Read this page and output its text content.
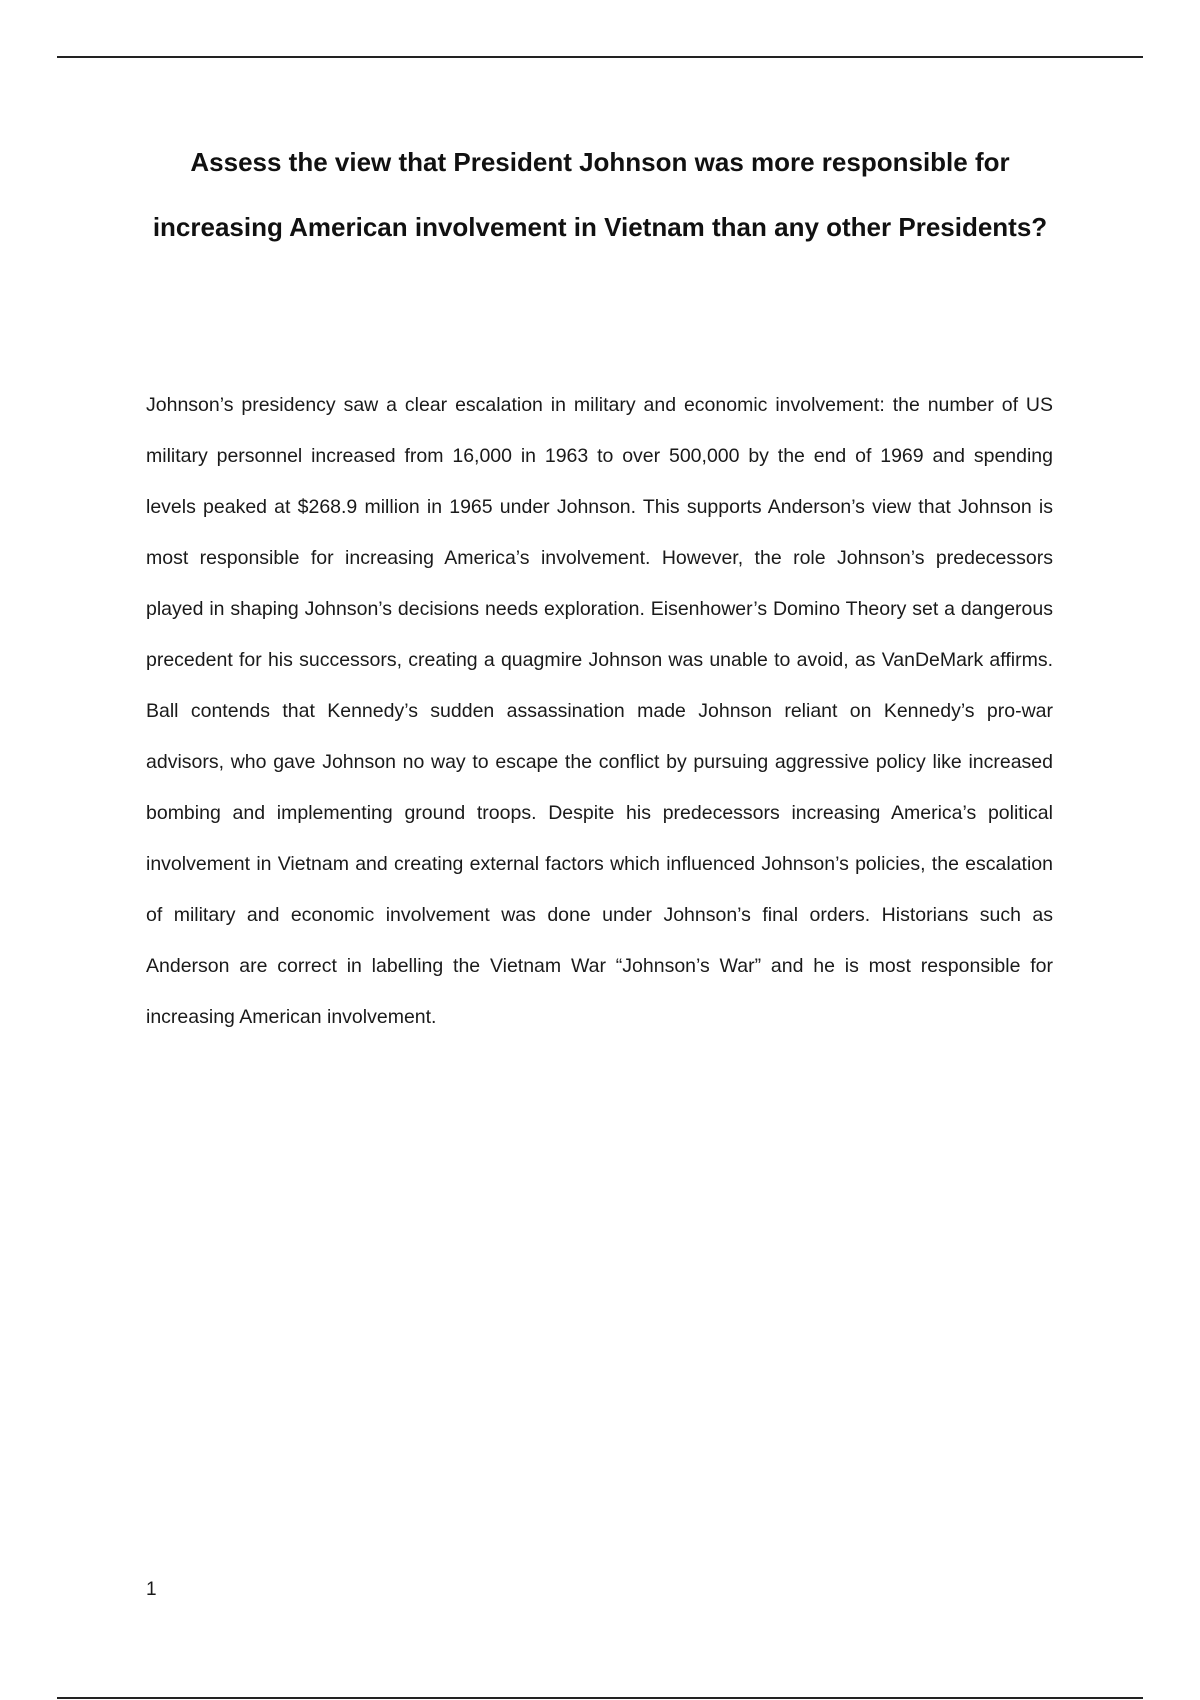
Assess the view that President Johnson was more responsible for increasing American involvement in Vietnam than any other Presidents?

Johnson’s presidency saw a clear escalation in military and economic involvement: the number of US military personnel increased from 16,000 in 1963 to over 500,000 by the end of 1969 and spending levels peaked at $268.9 million in 1965 under Johnson. This supports Anderson’s view that Johnson is most responsible for increasing America’s involvement. However, the role Johnson’s predecessors played in shaping Johnson’s decisions needs exploration. Eisenhower’s Domino Theory set a dangerous precedent for his successors, creating a quagmire Johnson was unable to avoid, as VanDeMark affirms. Ball contends that Kennedy’s sudden assassination made Johnson reliant on Kennedy’s pro-war advisors, who gave Johnson no way to escape the conflict by pursuing aggressive policy like increased bombing and implementing ground troops. Despite his predecessors increasing America’s political involvement in Vietnam and creating external factors which influenced Johnson’s policies, the escalation of military and economic involvement was done under Johnson’s final orders. Historians such as Anderson are correct in labelling the Vietnam War “Johnson’s War” and he is most responsible for increasing American involvement.

1
